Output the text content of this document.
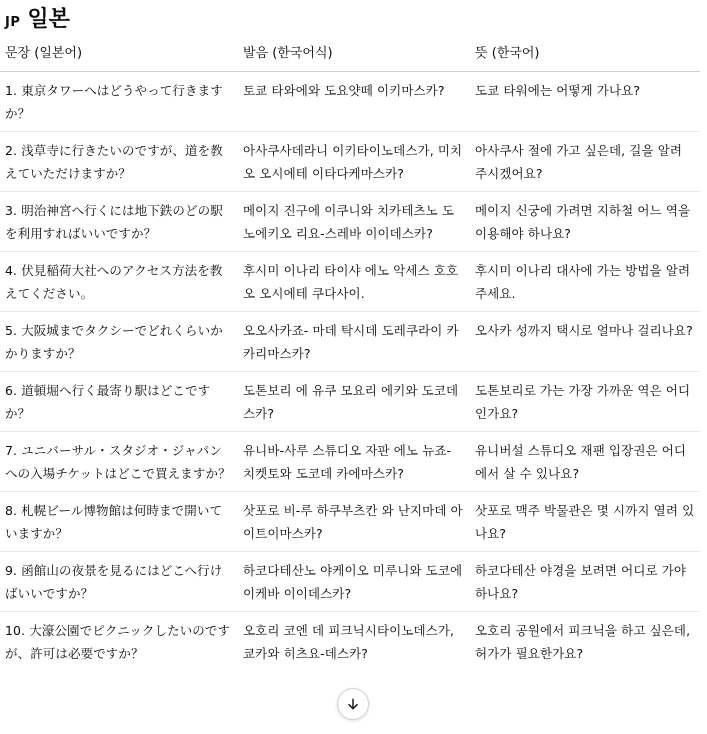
JP 일본
문장 (일본어)	발음 (한국어식)	뜻 (한국어)
1. 東京タワーへはどうやって行きますか？	토쿄 타와에와 도요얏떼 이키마스카?	도쿄 타워에는 어떻게 가나요?
2. 浅草寺に行きたいのですが、道を教えていただけますか？	아사쿠사데라니 이키타이노데스가, 미치오 오시에테 이타다케마스카?	아사쿠사 절에 가고 싶은데, 길을 알려 주시겠어요?
3. 明治神宮へ行くには地下鉄のどの駅を利用すればいいですか？	메이지 진구에 이쿠니와 치카테츠노 도노에키오 리요-스레바 이이데스카?	메이지 신궁에 가려면 지하철 어느 역을 이용해야 하나요?
4. 伏見稲荷大社へのアクセス方法を教えてください。	후시미 이나리 타이샤 에노 악세스 호호오 오시에테 쿠다사이.	후시미 이나리 대사에 가는 방법을 알려 주세요.
5. 大阪城までタクシーでどれくらいかかりますか？	오오사카죠- 마데 탁시데 도레쿠라이 카카리마스카?	오사카 성까지 택시로 얼마나 걸리나요?
6. 道頓堀へ行く最寄り駅はどこですか？	도톤보리 에 유쿠 모요리 에키와 도코데스카?	도톤보리로 가는 가장 가까운 역은 어디인가요?
7. ユニバーサル・スタジオ・ジャパンへの入場チケットはどこで買えますか？	유니바-사루 스튜디오 자판 에노 뉴죠- 치켓토와 도코데 카에마스카?	유니버설 스튜디오 재팬 입장권은 어디에서 살 수 있나요?
8. 札幌ビール博物館は何時まで開いていますか？	삿포로 비-루 하쿠부츠칸 와 난지마데 아이트이마스카?	삿포로 맥주 박물관은 몇 시까지 열려 있나요?
9. 函館山の夜景を見るにはどこへ行けばいいですか？	하코다테산노 야케이오 미루니와 도코에 이케바 이이데스카?	하코다테산 야경을 보려면 어디로 가야 하나요?
10. 大濠公園でピクニックしたいのですが、許可は必要ですか？	오호리 코엔 데 피크닉시타이노데스가, 쿄카와 히츠요-데스카?	오호리 공원에서 피크닉을 하고 싶은데, 허가가 필요한가요?
